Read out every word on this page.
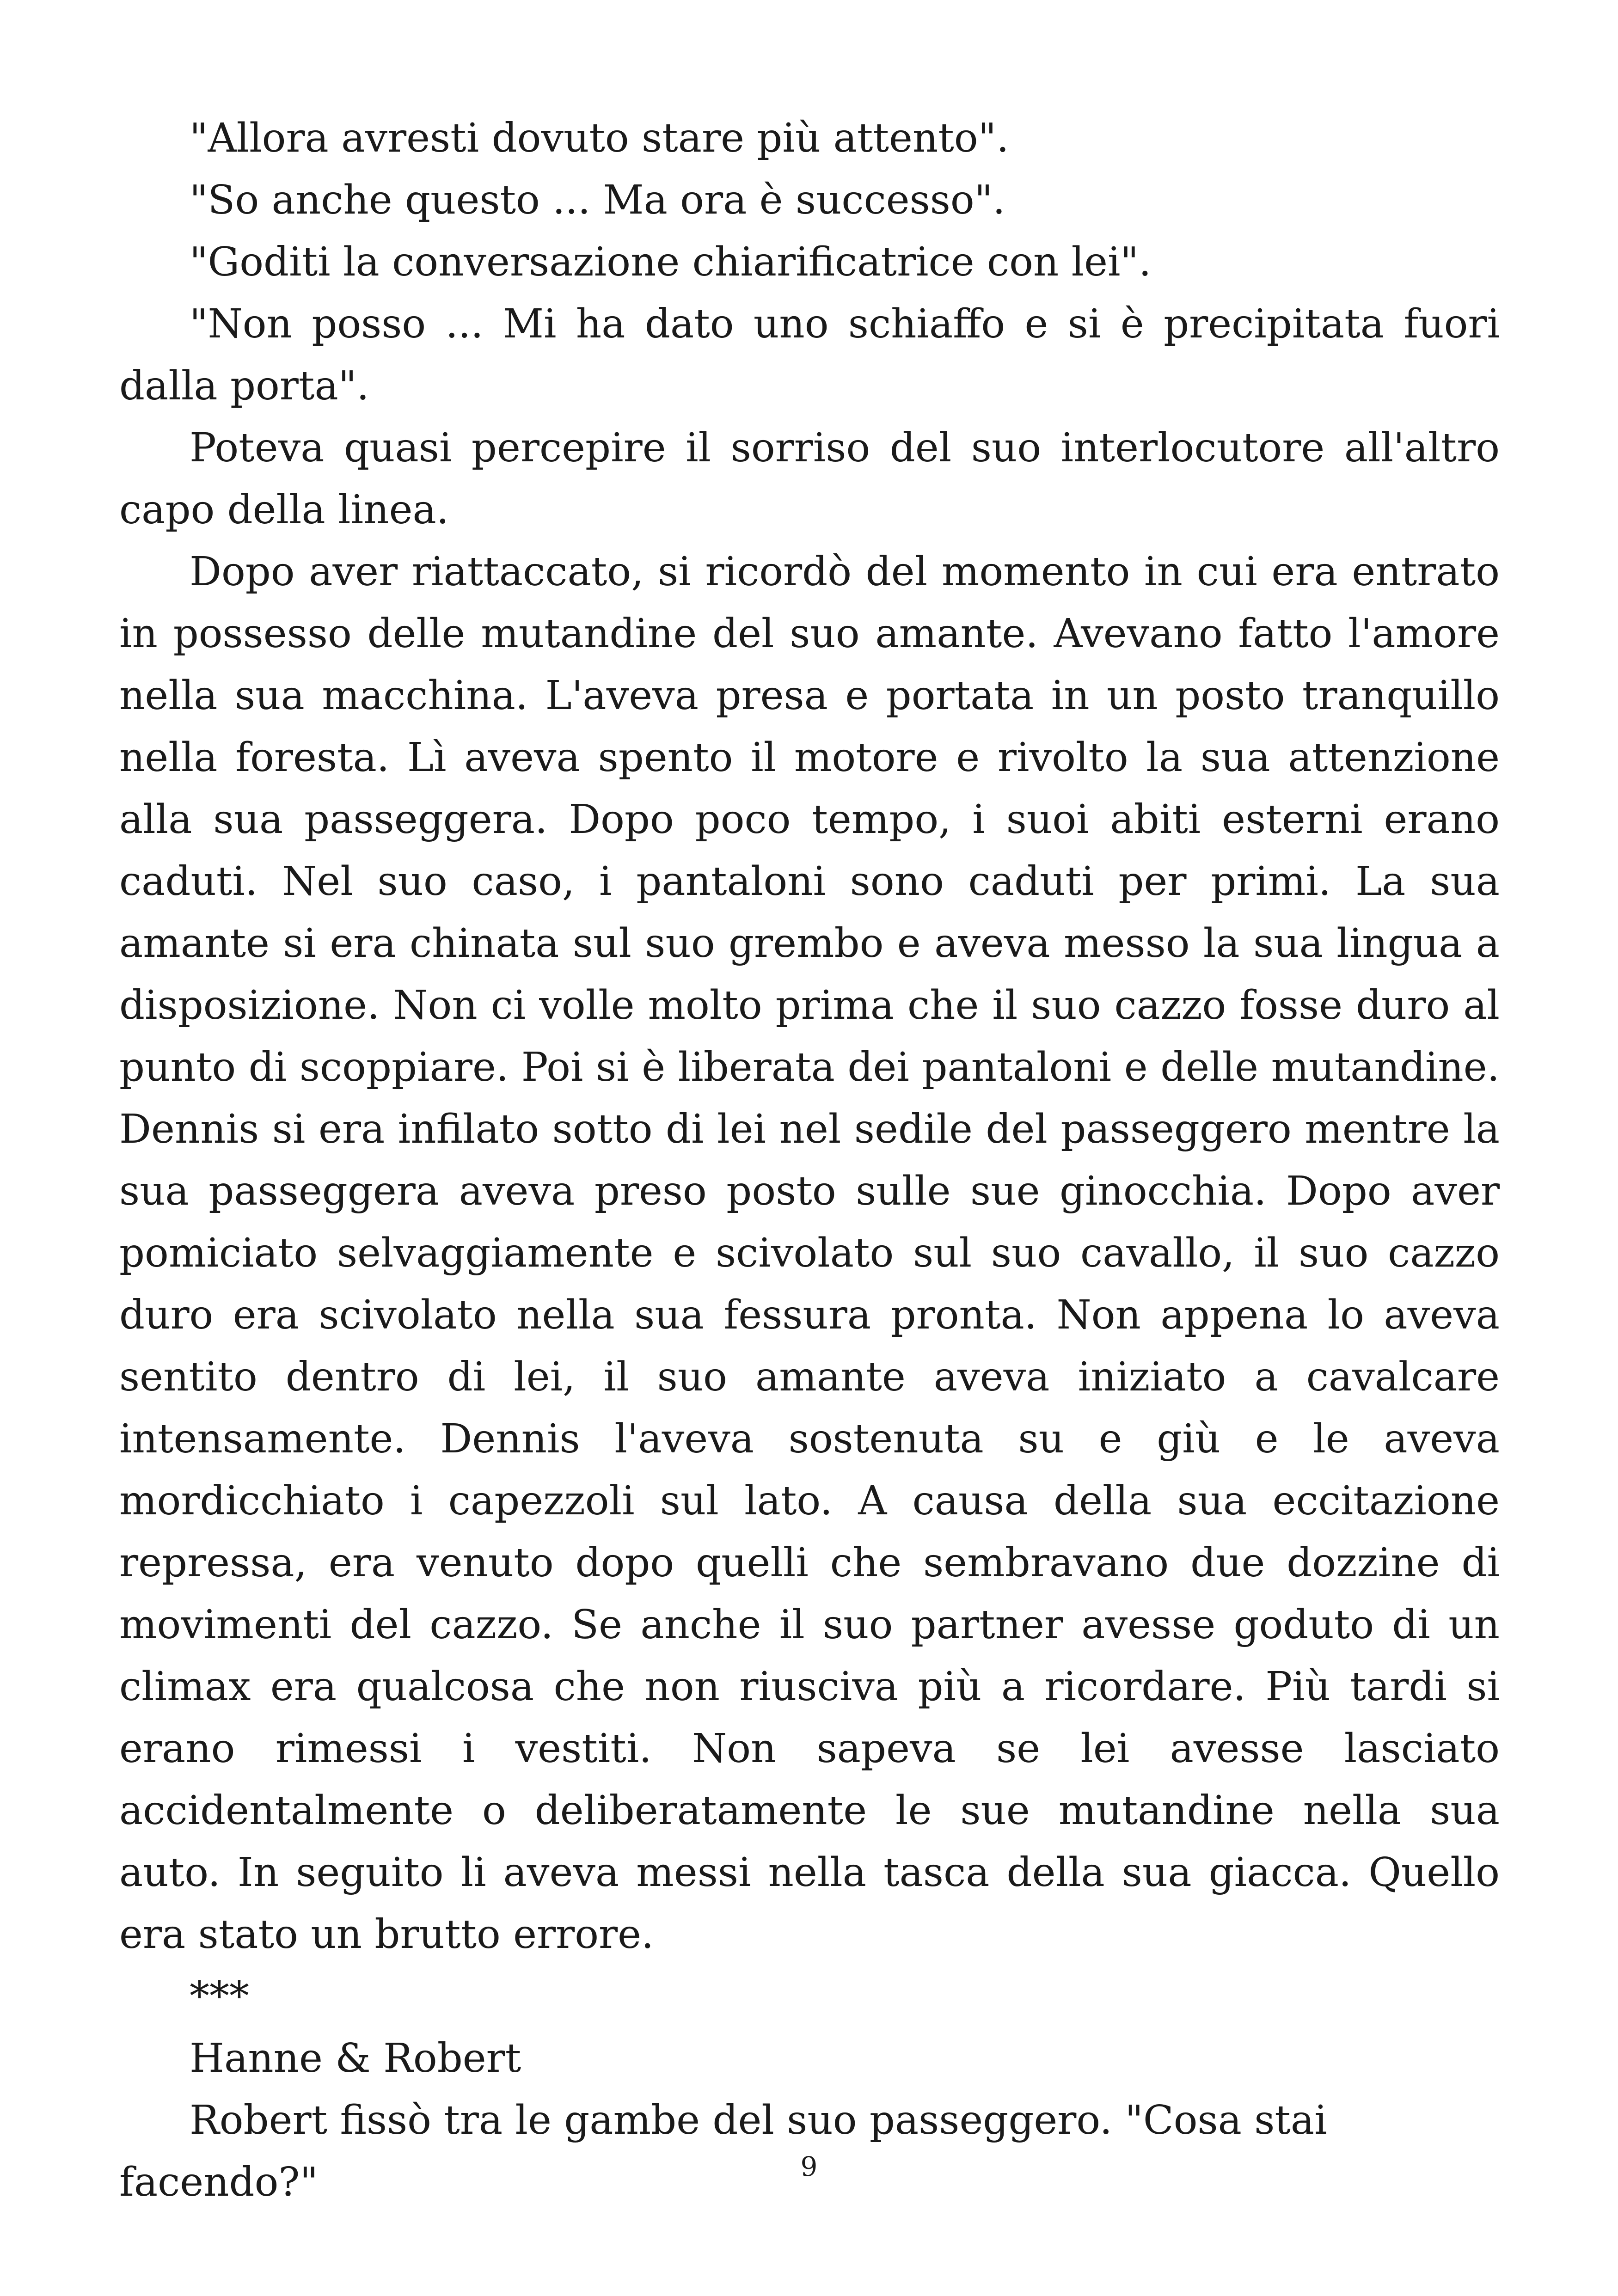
"Allora avresti dovuto stare più attento".

"So anche questo ... Ma ora è successo".

"Goditi la conversazione chiarificatrice con lei".

"Non posso ... Mi ha dato uno schiaffo e si è precipitata fuori dalla porta".

Poteva quasi percepire il sorriso del suo interlocutore all'altro capo della linea.

Dopo aver riattaccato, si ricordò del momento in cui era entrato in possesso delle mutandine del suo amante. Avevano fatto l'amore nella sua macchina. L'aveva presa e portata in un posto tranquillo nella foresta. Lì aveva spento il motore e rivolto la sua attenzione alla sua passeggera. Dopo poco tempo, i suoi abiti esterni erano caduti. Nel suo caso, i pantaloni sono caduti per primi. La sua amante si era chinata sul suo grembo e aveva messo la sua lingua a disposizione. Non ci volle molto prima che il suo cazzo fosse duro al punto di scoppiare. Poi si è liberata dei pantaloni e delle mutandine. Dennis si era infilato sotto di lei nel sedile del passeggero mentre la sua passeggera aveva preso posto sulle sue ginocchia. Dopo aver pomiciato selvaggiamente e scivolato sul suo cavallo, il suo cazzo duro era scivolato nella sua fessura pronta. Non appena lo aveva sentito dentro di lei, il suo amante aveva iniziato a cavalcare intensamente. Dennis l'aveva sostenuta su e giù e le aveva mordicchiato i capezzoli sul lato. A causa della sua eccitazione repressa, era venuto dopo quelli che sembravano due dozzine di movimenti del cazzo. Se anche il suo partner avesse goduto di un climax era qualcosa che non riusciva più a ricordare. Più tardi si erano rimessi i vestiti. Non sapeva se lei avesse lasciato accidentalmente o deliberatamente le sue mutandine nella sua auto. In seguito li aveva messi nella tasca della sua giacca. Quello era stato un brutto errore.

***

Hanne & Robert

Robert fissò tra le gambe del suo passeggero. "Cosa stai facendo?"	9
